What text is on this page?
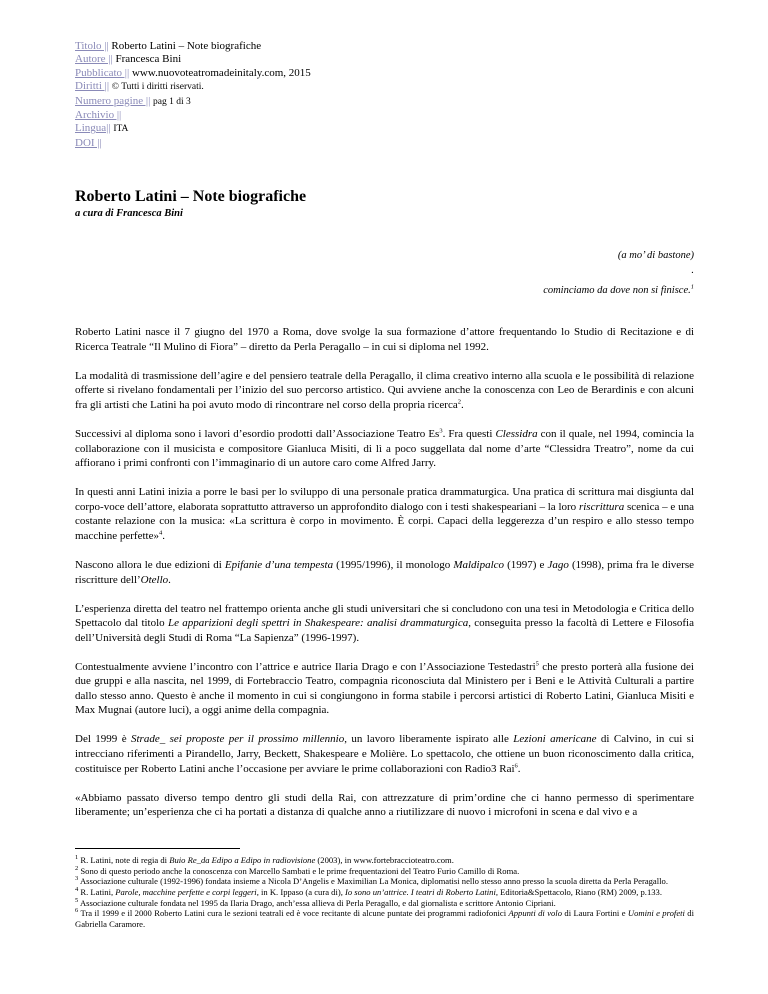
Titolo || Roberto Latini – Note biografiche
Autore || Francesca Bini
Pubblicato || www.nuovoteatromadeinitaly.com, 2015
Diritti || © Tutti i diritti riservati.
Numero pagine || pag 1 di 3
Archivio ||
Lingua|| ITA
DOI ||
Roberto Latini – Note biografiche
a cura di Francesca Bini
(a mo’ di bastone)
.
cominciamo da dove non si finisce.$^1$

Roberto Latini nasce il 7 giugno del 1970 a Roma, dove svolge la sua formazione d’attore frequentando lo Studio di Recitazione e di Ricerca Teatrale “Il Mulino di Fiora” – diretto da Perla Peragallo – in cui si diploma nel 1992.

La modalità di trasmissione dell’agire e del pensiero teatrale della Peragallo, il clima creativo interno alla scuola e le possibilità di relazione offerte si rivelano fondamentali per l’inizio del suo percorso artistico. Qui avviene anche la conoscenza con Leo de Berardinis e con alcuni fra gli artisti che Latini ha poi avuto modo di rincontrare nel corso della propria ricerca$^2$.

Successivi al diploma sono i lavori d’esordio prodotti dall’Associazione Teatro Es$^3$. Fra questi Clessidra con il quale, nel 1994, comincia la collaborazione con il musicista e compositore Gianluca Misiti, di lì a poco suggellata dal nome d’arte “Clessidra Treatro”, nome da cui affiorano i primi confronti con l’immaginario di un autore caro come Alfred Jarry.

In questi anni Latini inizia a porre le basi per lo sviluppo di una personale pratica drammaturgica. Una pratica di scrittura mai disgiunta dal corpo-voce dell’attore, elaborata soprattutto attraverso un approfondito dialogo con i testi shakespeariani – la loro riscrittura scenica – e una costante relazione con la musica: «La scrittura è corpo in movimento. È corpi. Capaci della leggerezza d’un respiro e allo stesso tempo macchine perfette»$^4$.

Nascono allora le due edizioni di Epifanie d’una tempesta (1995/1996), il monologo Maldipalco (1997) e Jago (1998), prima fra le diverse riscritture dell’Otello.

L’esperienza diretta del teatro nel frattempo orienta anche gli studi universitari che si concludono con una tesi in Metodologia e Critica dello Spettacolo dal titolo Le apparizioni degli spettri in Shakespeare: analisi drammaturgica, conseguita presso la facoltà di Lettere e Filosofia dell’Università degli Studi di Roma “La Sapienza” (1996-1997).

Contestualmente avviene l’incontro con l’attrice e autrice Ilaria Drago e con l’Associazione Testedastri$^5$ che presto porterà alla fusione dei due gruppi e alla nascita, nel 1999, di Fortebraccio Teatro, compagnia riconosciuta dal Ministero per i Beni e le Attività Culturali a partire dallo stesso anno. Questo è anche il momento in cui si congiungono in forma stabile i percorsi artistici di Roberto Latini, Gianluca Misiti e Max Mugnai (autore luci), a oggi anime della compagnia.

Del 1999 è Strade_ sei proposte per il prossimo millennio, un lavoro liberamente ispirato alle Lezioni americane di Calvino, in cui si intrecciano riferimenti a Pirandello, Jarry, Beckett, Shakespeare e Molière. Lo spettacolo, che ottiene un buon riconoscimento dalla critica, costituisce per Roberto Latini anche l’occasione per avviare le prime collaborazioni con Radio3 Rai$^6$.

«Abbiamo passato diverso tempo dentro gli studi della Rai, con attrezzature di prim’ordine che ci hanno permesso di sperimentare liberamente; un’esperienza che ci ha portati a distanza di qualche anno a riutilizzare di nuovo i microfoni in scena e dal vivo e a

$^1$ R. Latini, note di regia di Buio Re_da Edipo a Edipo in radiovisione (2003), in www.fortebraccioteatro.com.
$^2$ Sono di questo periodo anche la conoscenza con Marcello Sambati e le prime frequentazioni del Teatro Furio Camillo di Roma.
$^3$ Associazione culturale (1992-1996) fondata insieme a Nicola D’Angelis e Maximilian La Monica, diplomatisi nello stesso anno presso la scuola diretta da Perla Peragallo.
$^4$ R. Latini, Parole, macchine perfette e corpi leggeri, in K. Ippaso (a cura di), Io sono un’attrice. I teatri di Roberto Latini, Editoria&Spettacolo, Riano (RM) 2009, p.133.
$^5$ Associazione culturale fondata nel 1995 da Ilaria Drago, anch’essa allieva di Perla Peragallo, e dal giornalista e scrittore Antonio Cipriani.
$^6$ Tra il 1999 e il 2000 Roberto Latini cura le sezioni teatrali ed è voce recitante di alcune puntate dei programmi radiofonici Appunti di volo di Laura Fortini e Uomini e profeti di Gabriella Caramore.
